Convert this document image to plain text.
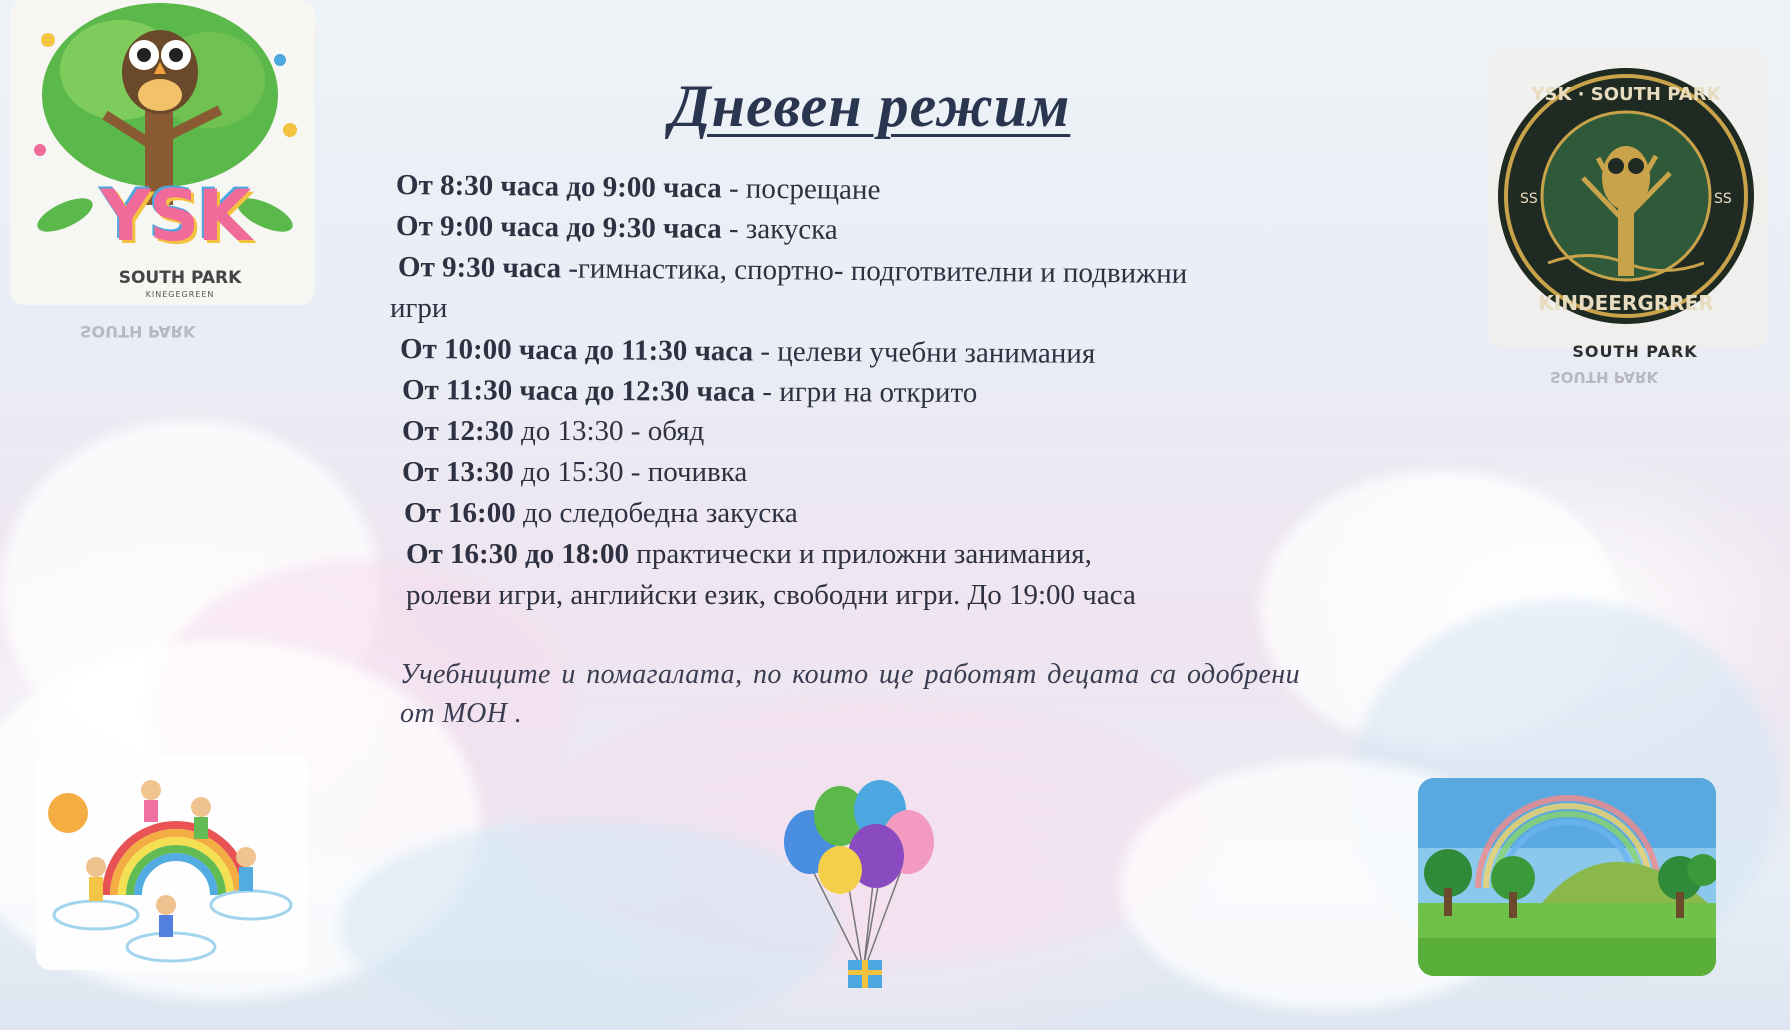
YSK
SOUTH PARK
KINEGEGREEN
SOUTH PARK
YSK · SOUTH PARK
KINDEERGRRER
SS	SS
SOUTH PARK
SOUTH PARK
Дневен режим
От 8:30 часа до 9:00 часа - посрещане
От 9:00 часа до 9:30 часа - закуска
От 9:30 часа -гимнастика, спортно- подготвителни и подвижни
игри
От 10:00 часа до 11:30 часа - целеви учебни занимания
От 11:30 часа до 12:30 часа - игри на открито
От 12:30 до 13:30 - обяд
От 13:30 до 15:30 - почивка
От 16:00 до следобедна закуска
От 16:30 до 18:00 практически и приложни занимания,
ролеви игри, английски език, свободни игри. До 19:00 часа
Учебниците и помагалата, по които ще работят децата са одобрени от МОН .
